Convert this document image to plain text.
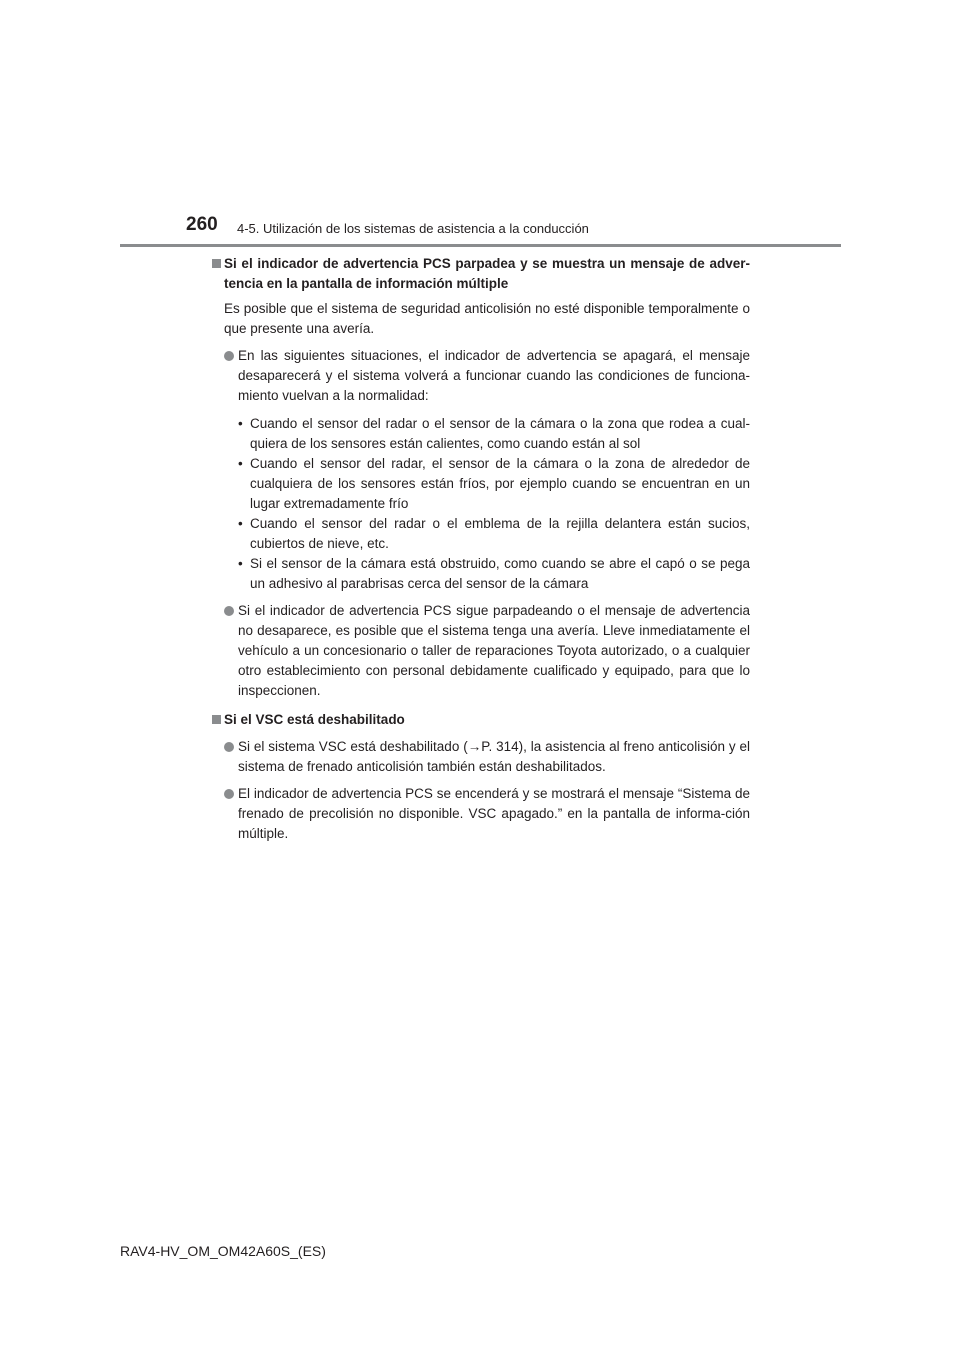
260 4-5. Utilización de los sistemas de asistencia a la conducción
Si el indicador de advertencia PCS parpadea y se muestra un mensaje de adver-tencia en la pantalla de información múltiple
Es posible que el sistema de seguridad anticolisión no esté disponible temporalmente o que presente una avería.
En las siguientes situaciones, el indicador de advertencia se apagará, el mensaje desaparecerá y el sistema volverá a funcionar cuando las condiciones de funciona-miento vuelvan a la normalidad:
• Cuando el sensor del radar o el sensor de la cámara o la zona que rodea a cual-quiera de los sensores están calientes, como cuando están al sol
• Cuando el sensor del radar, el sensor de la cámara o la zona de alrededor de cualquiera de los sensores están fríos, por ejemplo cuando se encuentran en un lugar extremadamente frío
• Cuando el sensor del radar o el emblema de la rejilla delantera están sucios, cubiertos de nieve, etc.
• Si el sensor de la cámara está obstruido, como cuando se abre el capó o se pega un adhesivo al parabrisas cerca del sensor de la cámara
Si el indicador de advertencia PCS sigue parpadeando o el mensaje de advertencia no desaparece, es posible que el sistema tenga una avería. Lleve inmediatamente el vehículo a un concesionario o taller de reparaciones Toyota autorizado, o a cualquier otro establecimiento con personal debidamente cualificado y equipado, para que lo inspeccionen.
Si el VSC está deshabilitado
Si el sistema VSC está deshabilitado (→P. 314), la asistencia al freno anticolisión y el sistema de frenado anticolisión también están deshabilitados.
El indicador de advertencia PCS se encenderá y se mostrará el mensaje “Sistema de frenado de precolisión no disponible. VSC apagado.” en la pantalla de informa-ción múltiple.
RAV4-HV_OM_OM42A60S_(ES)
